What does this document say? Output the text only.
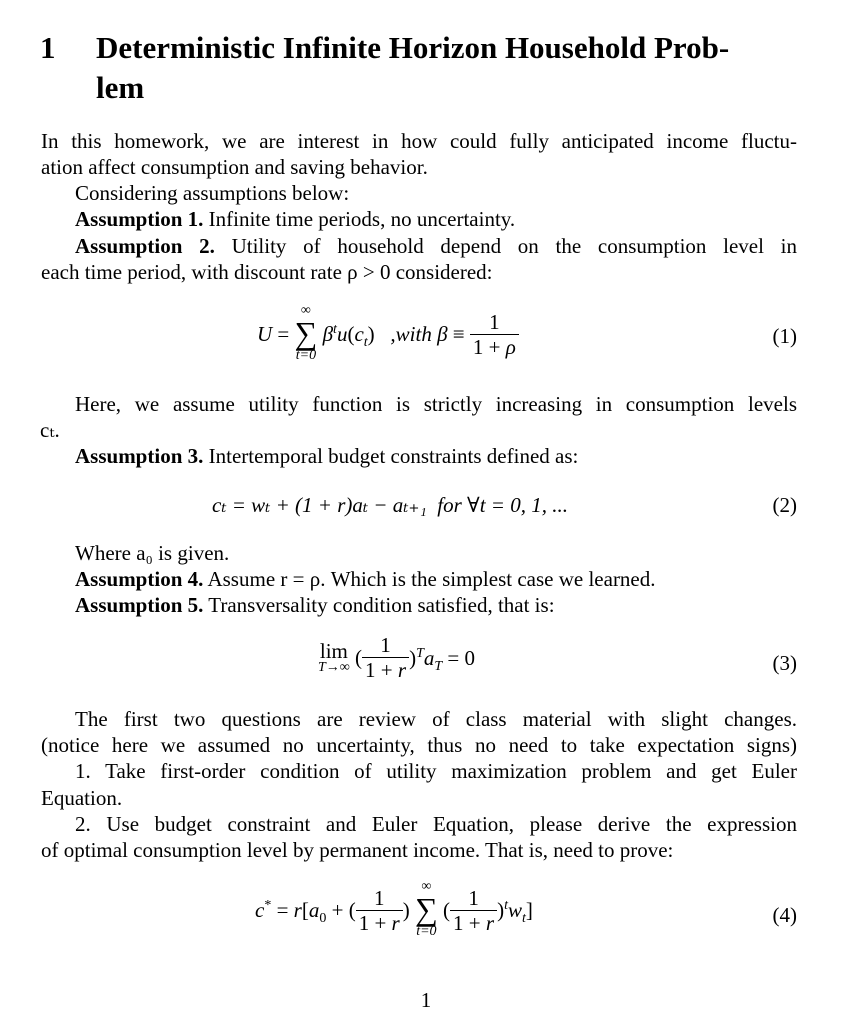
1 Deterministic Infinite Horizon Household Prob-
lem
In this homework, we are interest in how could fully anticipated income fluctu-
ation affect consumption and saving behavior.
Considering assumptions below:
Assumption 1. Infinite time periods, no uncertainty.
Assumption 2. Utility of household depend on the consumption level in
each time period, with discount rate ρ > 0 considered:
U =
∞
∑
t=0
$\beta^tu(c_t)$   ,with $\beta \equiv \frac{1}{1 + \rho}$	(1)
Here, we assume utility function is strictly increasing in consumption levels
cₜ.
Assumption 3. Intertemporal budget constraints defined as:
cₜ = wₜ + (1 + r)aₜ − aₜ₊₁ for ∀t = 0, 1, ...	(2)
Where a₀ is given.
Assumption 4. Assume r = ρ. Which is the simplest case we learned.
Assumption 5. Transversality condition satisfied, that is:
lim
T→∞ ( $\frac{1}{1 + r} )^Ta_T = 0$	(3)
The first two questions are review of class material with slight changes.
(notice here we assumed no uncertainty, thus no need to take expectation signs)
1. Take first-order condition of utility maximization problem and get Euler
Equation.
2. Use budget constraint and Euler Equation, please derive the expression
of optimal consumption level by permanent income. That is, need to prove:
$c^* = r[a_0$ + ( $\frac{1}{1 + r}$ )
∞
∑
t=0
( $\frac{1}{1 + r} )^tw_t$]	(4)
1
